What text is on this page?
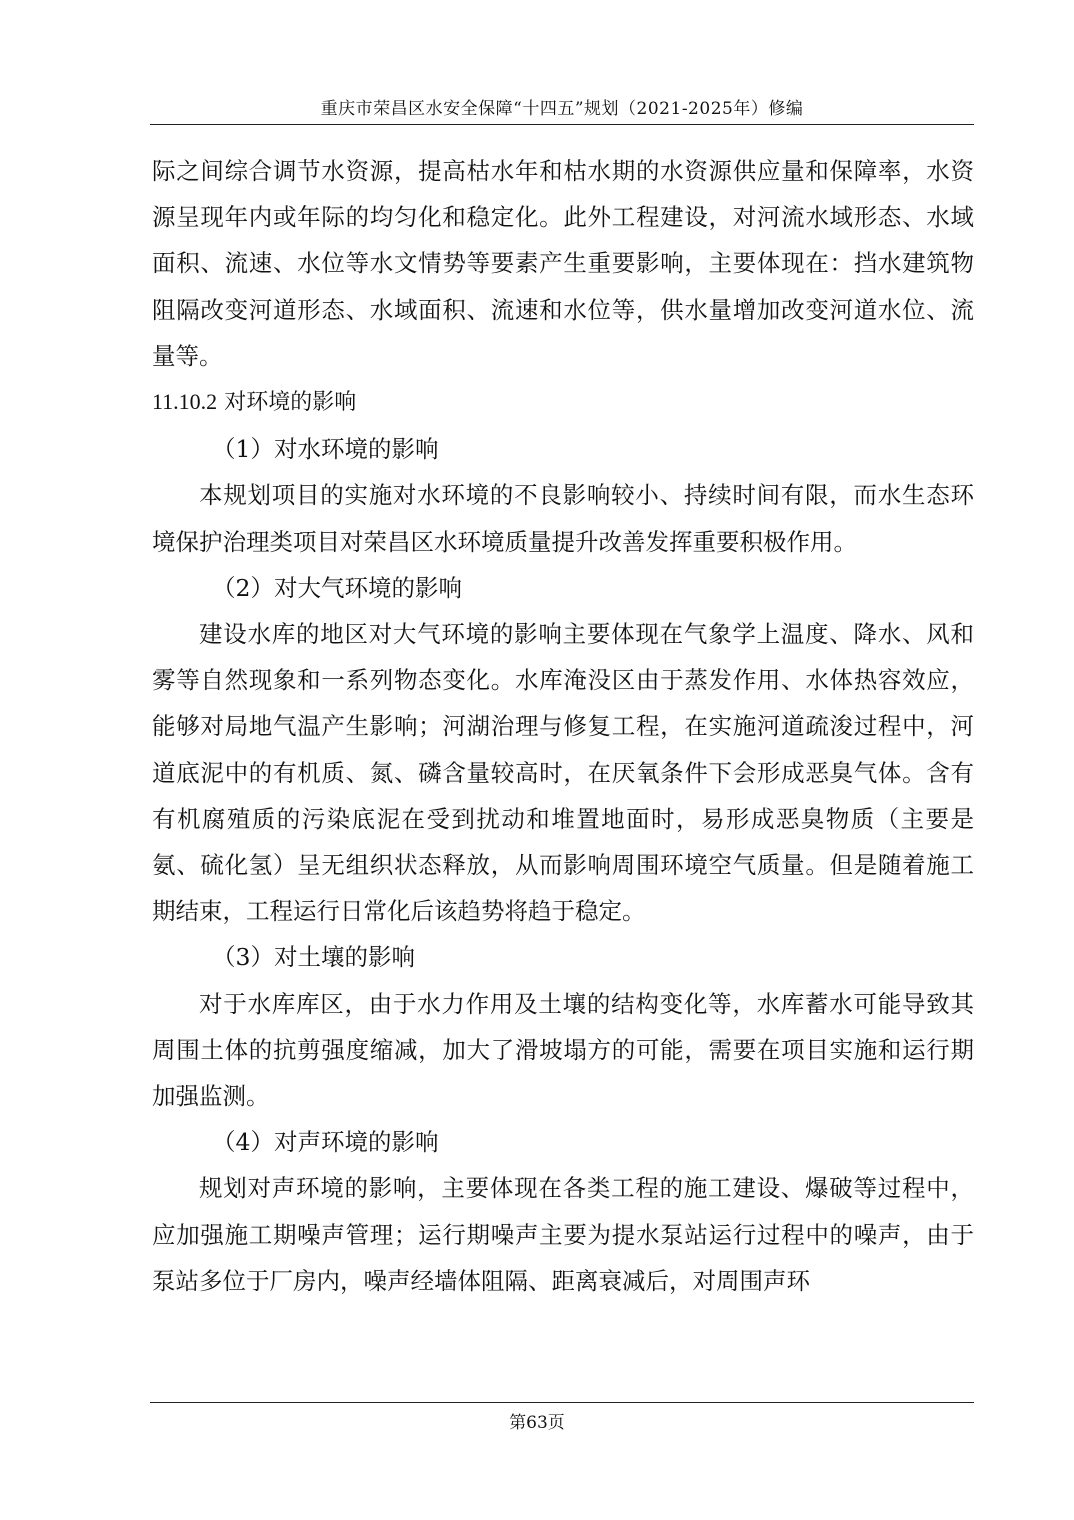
重庆市荣昌区水安全保障“十四五”规划（2021-2025年）修编

际之间综合调节水资源，提高枯水年和枯水期的水资源供应量和保障率，水资源呈现年内或年际的均匀化和稳定化。此外工程建设，对河流水域形态、水域面积、流速、水位等水文情势等要素产生重要影响，主要体现在：挡水建筑物阻隔改变河道形态、水域面积、流速和水位等，供水量增加改变河道水位、流量等。

11.10.2 对环境的影响

（1）对水环境的影响

本规划项目的实施对水环境的不良影响较小、持续时间有限，而水生态环境保护治理类项目对荣昌区水环境质量提升改善发挥重要积极作用。

（2）对大气环境的影响

建设水库的地区对大气环境的影响主要体现在气象学上温度、降水、风和雾等自然现象和一系列物态变化。水库淹没区由于蒸发作用、水体热容效应，能够对局地气温产生影响；河湖治理与修复工程，在实施河道疏浚过程中，河道底泥中的有机质、氮、磷含量较高时，在厌氧条件下会形成恶臭气体。含有有机腐殖质的污染底泥在受到扰动和堆置地面时，易形成恶臭物质（主要是氨、硫化氢）呈无组织状态释放，从而影响周围环境空气质量。但是随着施工期结束，工程运行日常化后该趋势将趋于稳定。

（3）对土壤的影响

对于水库库区，由于水力作用及土壤的结构变化等，水库蓄水可能导致其周围土体的抗剪强度缩减，加大了滑坡塌方的可能，需要在项目实施和运行期加强监测。

（4）对声环境的影响

规划对声环境的影响，主要体现在各类工程的施工建设、爆破等过程中，应加强施工期噪声管理；运行期噪声主要为提水泵站运行过程中的噪声，由于泵站多位于厂房内，噪声经墙体阻隔、距离衰减后，对周围声环

第63页
